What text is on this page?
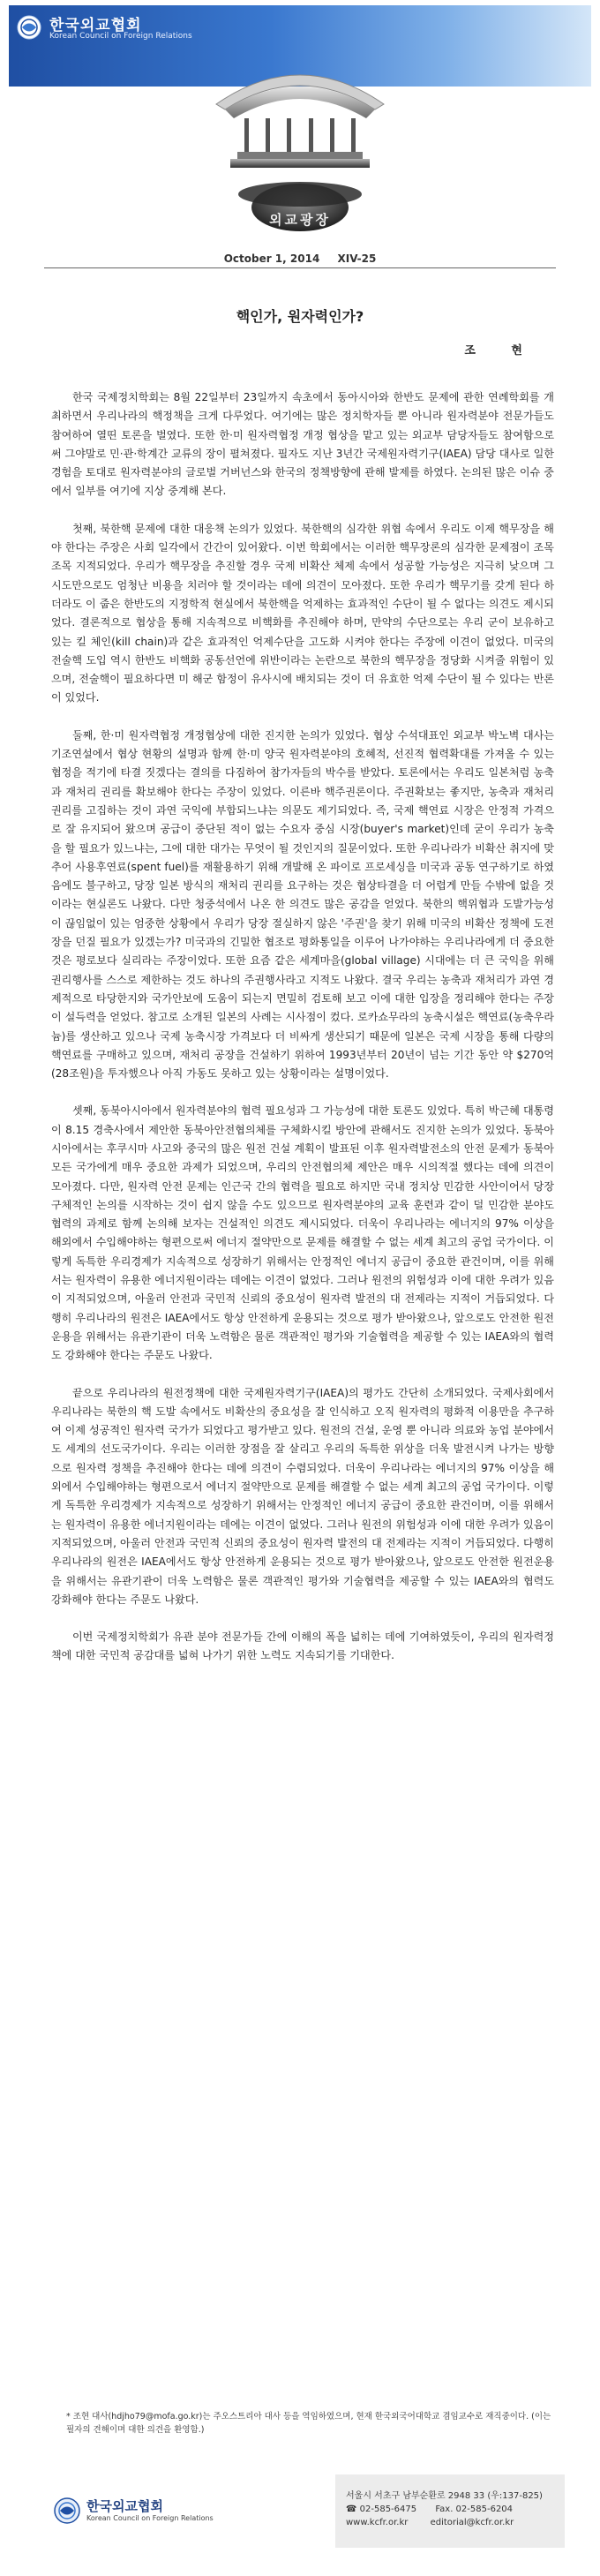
한국외교협회
Korean Council on Foreign Relations
외교광장
October 1, 2014 XIV-25
핵인가, 원자력인가?
조 현

한국 국제정치학회는 8월 22일부터 23일까지 속초에서 동아시아와 한반도 문제에 관한 연례학회를 개최하면서 우리나라의 핵정책을 크게 다루었다. 여기에는 많은 정치학자들 뿐 아니라 원자력분야 전문가들도 참여하여 열띤 토론을 벌였다. 또한 한·미 원자력협정 개정 협상을 맡고 있는 외교부 담당자들도 참여함으로써 그야말로 민·관·학계간 교류의 장이 펼쳐졌다. 필자도 지난 3년간 국제원자력기구(IAEA) 담당 대사로 일한 경험을 토대로 원자력분야의 글로벌 거버넌스와 한국의 정책방향에 관해 발제를 하였다. 논의된 많은 이슈 중에서 일부를 여기에 지상 중계해 본다.

첫째, 북한핵 문제에 대한 대응책 논의가 있었다. 북한핵의 심각한 위협 속에서 우리도 이제 핵무장을 해야 한다는 주장은 사회 일각에서 간간이 있어왔다. 이번 학회에서는 이러한 핵무장론의 심각한 문제점이 조목조목 지적되었다. 우리가 핵무장을 추진할 경우 국제 비확산 체제 속에서 성공할 가능성은 지극히 낮으며 그 시도만으로도 엄청난 비용을 치러야 할 것이라는 데에 의견이 모아졌다. 또한 우리가 핵무기를 갖게 된다 하더라도 이 줍은 한반도의 지정학적 현실에서 북한핵을 억제하는 효과적인 수단이 될 수 없다는 의견도 제시되었다. 결론적으로 협상을 통해 지속적으로 비핵화를 추진해야 하며, 만약의 수단으로는 우리 군이 보유하고 있는 킬 체인(kill chain)과 같은 효과적인 억제수단을 고도화 시켜야 한다는 주장에 이견이 없었다. 미국의 전술핵 도입 역시 한반도 비핵화 공동선언에 위반이라는 논란으로 북한의 핵무장을 정당화 시켜줄 위험이 있으며, 전술핵이 필요하다면 미 해군 함정이 유사시에 배치되는 것이 더 유효한 억제 수단이 될 수 있다는 반론이 있었다.

둘째, 한·미 원자력협정 개정협상에 대한 진지한 논의가 있었다. 협상 수석대표인 외교부 박노벽 대사는 기조연설에서 협상 현황의 설명과 함께 한·미 양국 원자력분야의 호혜적, 선진적 협력확대를 가져올 수 있는 협정을 적기에 타결 짓겠다는 결의를 다짐하여 참가자들의 박수를 받았다. 토론에서는 우리도 일본처럼 농축과 재처리 권리를 확보해야 한다는 주장이 있었다. 이른바 핵주권론이다. 주권확보는 좋지만, 농축과 재처리 권리를 고집하는 것이 과연 국익에 부합되느냐는 의문도 제기되었다. 즉, 국제 핵연료 시장은 안정적 가격으로 잘 유지되어 왔으며 공급이 중단된 적이 없는 수요자 중심 시장(buyer's market)인데 굳이 우리가 농축을 할 필요가 있느냐는, 그에 대한 대가는 무엇이 될 것인지의 질문이었다. 또한 우리나라가 비확산 취지에 맞추어 사용후연료(spent fuel)를 재활용하기 위해 개발해 온 파이로 프로세싱을 미국과 공동 연구하기로 하였음에도 불구하고, 당장 일본 방식의 재처리 권리를 요구하는 것은 협상타결을 더 어렵게 만들 수밖에 없을 것이라는 현실론도 나왔다. 다만 청중석에서 나온 한 의견도 많은 공감을 얻었다. 북한의 핵위협과 도발가능성이 끊임없이 있는 엄중한 상황에서 우리가 당장 절실하지 않은 '주권'을 찾기 위해 미국의 비확산 정책에 도전장을 던질 필요가 있겠는가? 미국과의 긴밀한 협조로 평화통일을 이루어 나가야하는 우리나라에게 더 중요한 것은 평로보다 실리라는 주장이었다. 또한 요즘 같은 세계마을(global village) 시대에는 더 큰 국익을 위해 권리행사를 스스로 제한하는 것도 하나의 주권행사라고 지적도 나왔다. 결국 우리는 농축과 재처리가 과연 경제적으로 타당한지와 국가안보에 도움이 되는지 면밀히 검토해 보고 이에 대한 입장을 정리해야 한다는 주장이 설득력을 얻었다. 참고로 소개된 일본의 사례는 시사점이 컸다. 로카쇼무라의 농축시설은 핵연료(농축우라늄)를 생산하고 있으나 국제 농축시장 가격보다 더 비싸게 생산되기 때문에 일본은 국제 시장을 통해 다량의 핵연료를 구매하고 있으며, 재처리 공장을 건설하기 위하여 1993년부터 20년이 넘는 기간 동안 약 $270억(28조원)을 투자했으나 아직 가동도 못하고 있는 상황이라는 설명이었다.

셋째, 동북아시아에서 원자력분야의 협력 필요성과 그 가능성에 대한 토론도 있었다. 특히 박근혜 대통령이 8.15 경축사에서 제안한 동북아안전협의체를 구체화시킬 방안에 관해서도 진지한 논의가 있었다. 동북아시아에서는 후쿠시마 사고와 중국의 많은 원전 건설 계획이 발표된 이후 원자력발전소의 안전 문제가 동북아 모든 국가에게 매우 중요한 과제가 되었으며, 우리의 안전협의체 제안은 매우 시의적절 했다는 데에 의견이 모아졌다. 다만, 원자력 안전 문제는 인근국 간의 협력을 필요로 하지만 국내 정치상 민감한 사안이어서 당장 구체적인 논의를 시작하는 것이 쉽지 않을 수도 있으므로 원자력분야의 교육 훈련과 같이 덜 민감한 분야도 협력의 과제로 함께 논의해 보자는 건설적인 의견도 제시되었다. 더욱이 우리나라는 에너지의 97% 이상을 해외에서 수입해야하는 형편으로써 에너지 절약만으로 문제를 해결할 수 없는 세계 최고의 공업 국가이다. 이렇게 독특한 우리경제가 지속적으로 성장하기 위해서는 안정적인 에너지 공급이 중요한 관건이며, 이를 위해서는 원자력이 유용한 에너지원이라는 데에는 이견이 없었다. 그러나 원전의 위험성과 이에 대한 우려가 있음이 지적되었으며, 아울러 안전과 국민적 신뢰의 중요성이 원자력 발전의 대 전제라는 지적이 거듭되었다. 다행히 우리나라의 원전은 IAEA에서도 항상 안전하게 운용되는 것으로 평가 받아왔으나, 앞으로도 안전한 원전운용을 위해서는 유관기관이 더욱 노력함은 물론 객관적인 평가와 기술협력을 제공할 수 있는 IAEA와의 협력도 강화해야 한다는 주문도 나왔다.

끝으로 우리나라의 원전정책에 대한 국제원자력기구(IAEA)의 평가도 간단히 소개되었다. 국제사회에서 우리나라는 북한의 핵 도발 속에서도 비확산의 중요성을 잘 인식하고 오직 원자력의 평화적 이용만을 추구하여 이제 성공적인 원자력 국가가 되었다고 평가받고 있다. 원전의 건설, 운영 뿐 아니라 의료와 농업 분야에서도 세계의 선도국가이다. 우리는 이러한 장점을 잘 살리고 우리의 독특한 위상을 더욱 발전시켜 나가는 방향으로 원자력 정책을 추진해야 한다는 데에 의견이 수렴되었다. 더욱이 우리나라는 에너지의 97% 이상을 해외에서 수입해야하는 형편으로서 에너지 절약만으로 문제를 해결할 수 없는 세계 최고의 공업 국가이다. 이렇게 독특한 우리경제가 지속적으로 성장하기 위해서는 안정적인 에너지 공급이 중요한 관건이며, 이를 위해서는 원자력이 유용한 에너지원이라는 데에는 이견이 없었다. 그러나 원전의 위험성과 이에 대한 우려가 있음이 지적되었으며, 아울러 안전과 국민적 신뢰의 중요성이 원자력 발전의 대 전제라는 지적이 거듭되었다. 다행히 우리나라의 원전은 IAEA에서도 항상 안전하게 운용되는 것으로 평가 받아왔으나, 앞으로도 안전한 원전운용을 위해서는 유관기관이 더욱 노력함은 물론 객관적인 평가와 기술협력을 제공할 수 있는 IAEA와의 협력도 강화해야 한다는 주문도 나왔다.

이번 국제정치학회가 유관 분야 전문가들 간에 이해의 폭을 넓히는 데에 기여하였듯이, 우리의 원자력정책에 대한 국민적 공감대를 넓혀 나가기 위한 노력도 지속되기를 기대한다.

* 조현 대사(hdjho79@mofa.go.kr)는 주오스트리아 대사 등을 역임하였으며, 현재 한국외국어대학교 겸임교수로 재직중이다. (이는 필자의 견해이며 대한 의견을 환영함.)
한국외교협회
Korean Council on Foreign Relations
서울시 서초구 남부순환로 2948 33 (우:137-825)
☎ 02-585-6475 Fax. 02-585-6204
www.kcfr.or.kr	editorial@kcfr.or.kr
